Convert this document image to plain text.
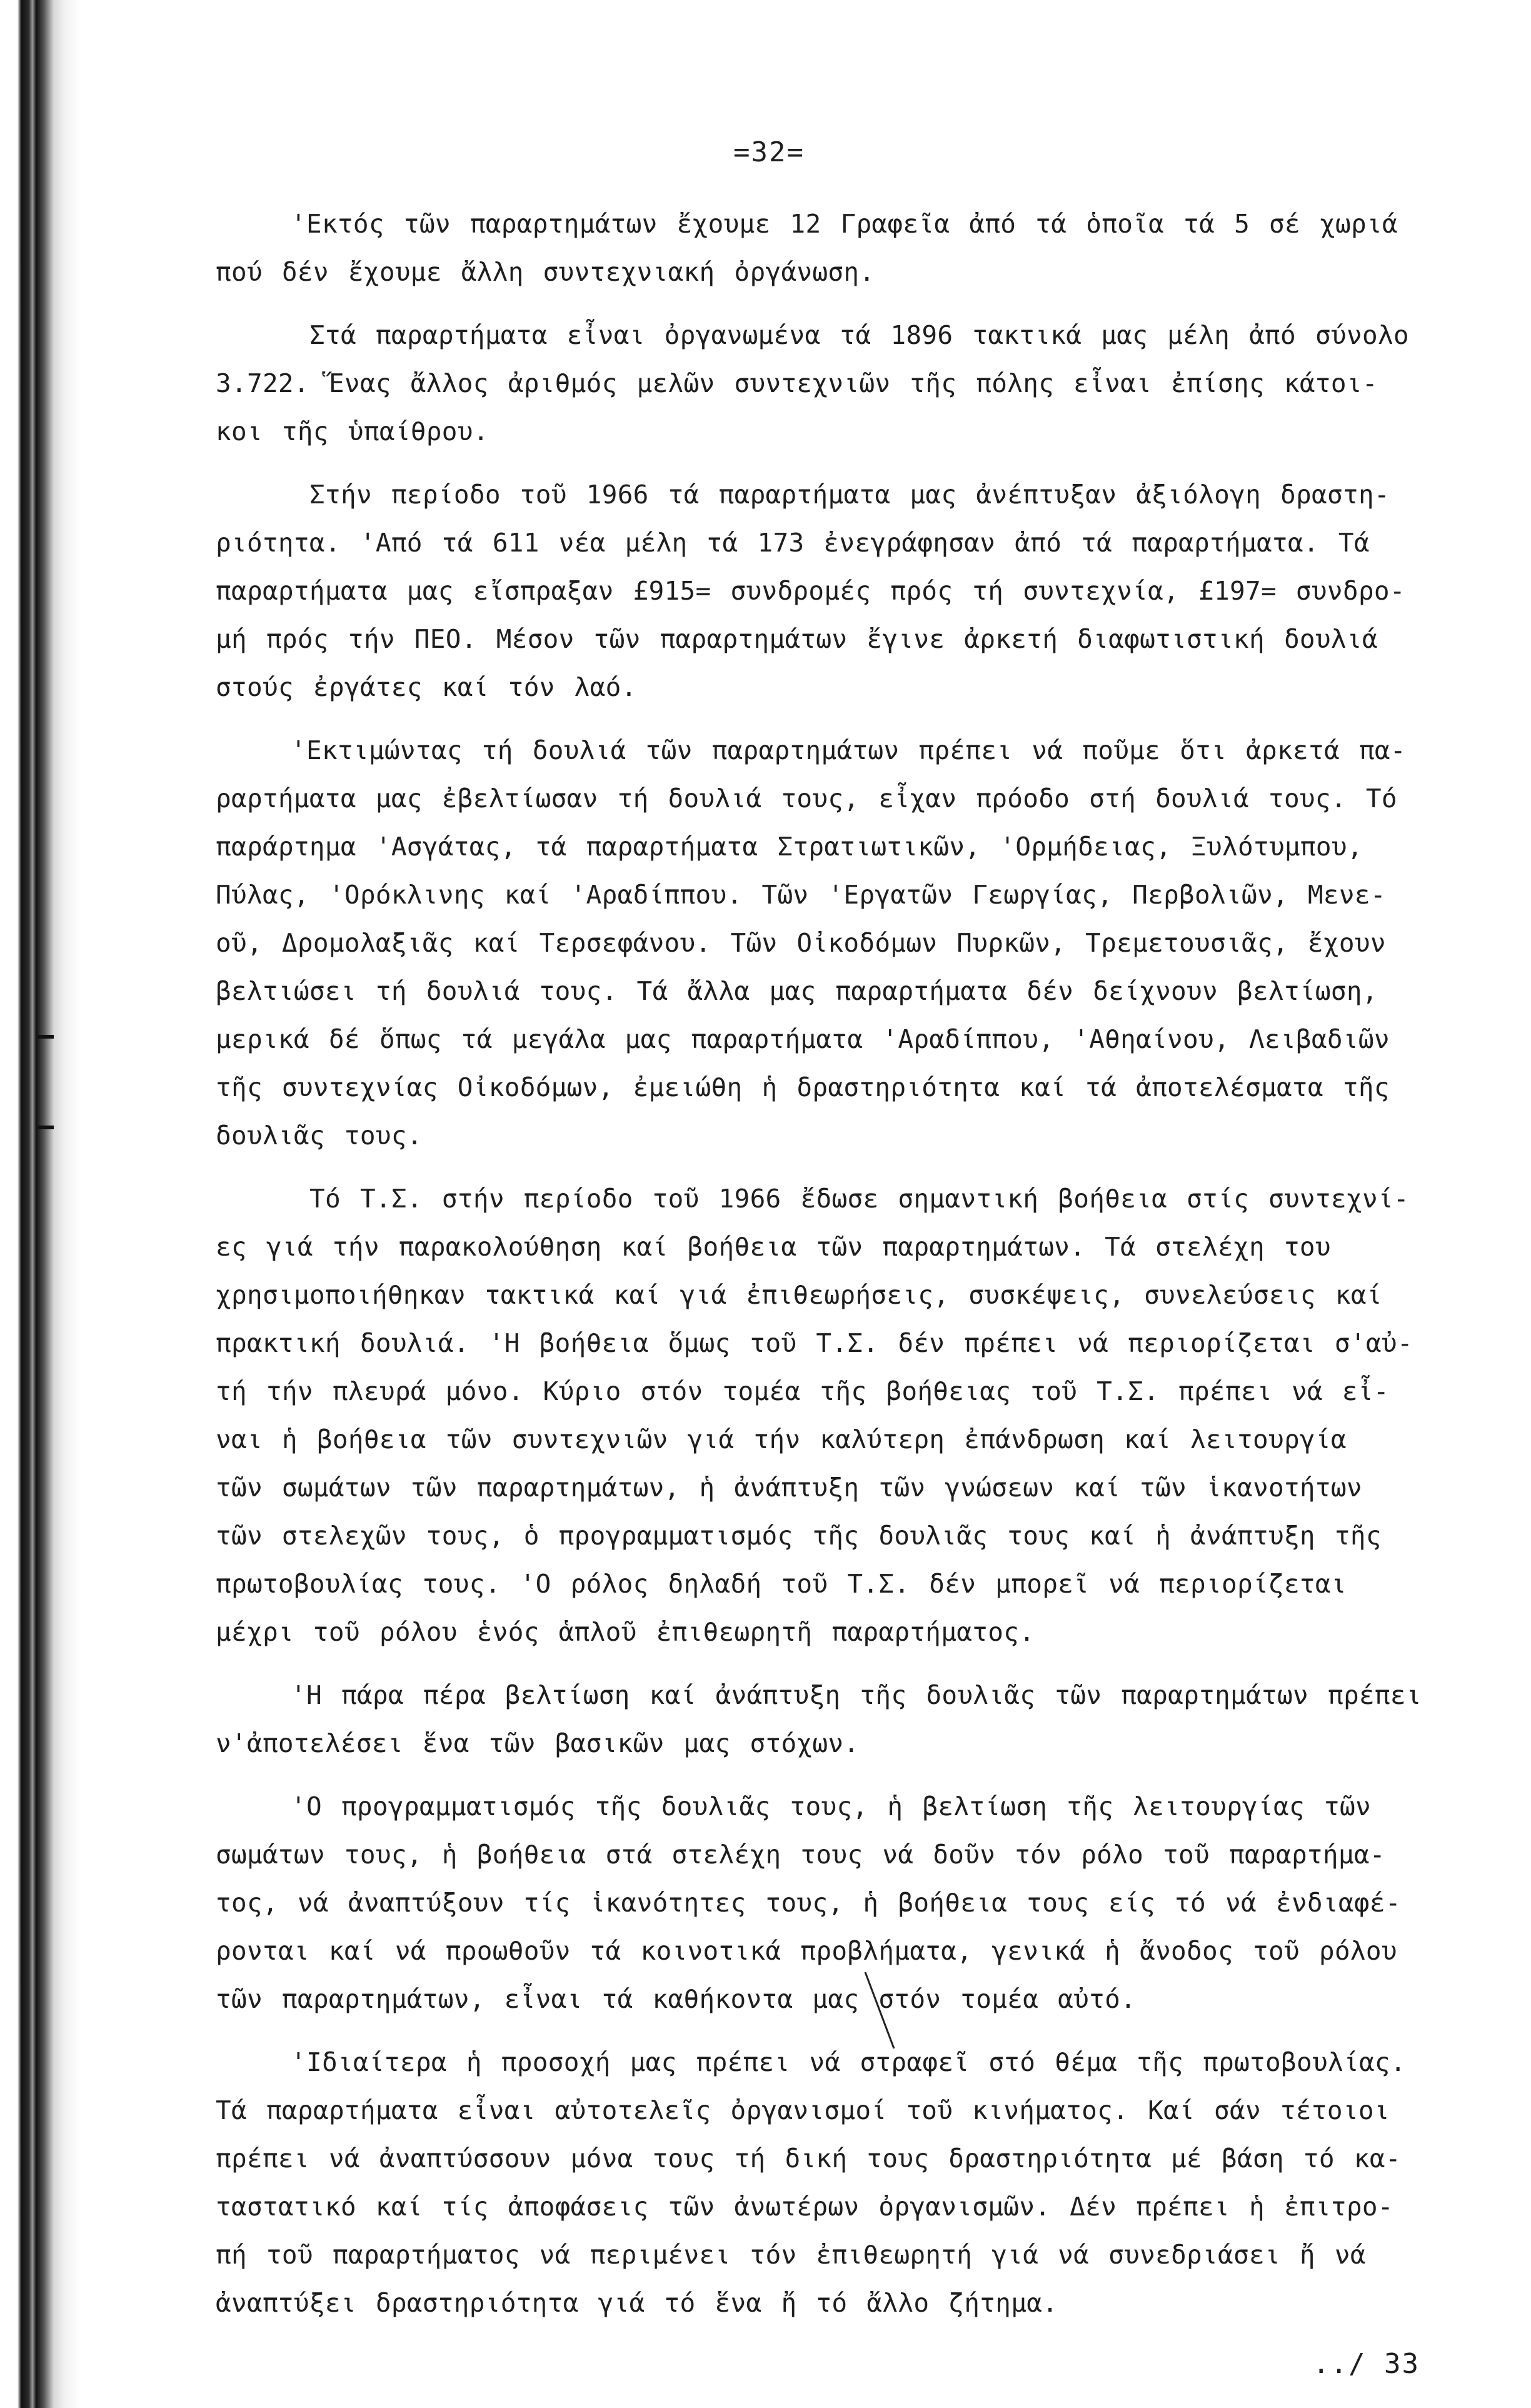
=32=
'Εκτός τῶν παραρτημάτων ἔχουμε 12 Γραφεῖα ἀπό τά ὁποῖα τά 5 σέ χωριά
πού δέν ἔχουμε ἄλλη συντεχνιακή ὀργάνωση.
Στά παραρτήματα εἶναι ὀργανωμένα τά 1896 τακτικά μας μέλη ἀπό σύνολο
3.722. Ἕνας ἄλλος ἀριθμός μελῶν συντεχνιῶν τῆς πόλης εἶναι ἐπίσης κάτοι-
κοι τῆς ὑπαίθρου.
Στήν περίοδο τοῦ 1966 τά παραρτήματα μας ἀνέπτυξαν ἀξιόλογη δραστη-
ριότητα. 'Από τά 611 νέα μέλη τά 173 ἐνεγράφησαν ἀπό τά παραρτήματα. Τά
παραρτήματα μας εἴσπραξαν £915= συνδρομές πρός τή συντεχνία, £197= συνδρο-
μή πρός τήν ΠΕΟ. Μέσον τῶν παραρτημάτων ἔγινε ἀρκετή διαφωτιστική δουλιά
στούς ἐργάτες καί τόν λαό.
'Εκτιμώντας τή δουλιά τῶν παραρτημάτων πρέπει νά ποῦμε ὅτι ἀρκετά πα-
ραρτήματα μας ἐβελτίωσαν τή δουλιά τους, εἶχαν πρόοδο στή δουλιά τους. Τό
παράρτημα 'Ασγάτας, τά παραρτήματα Στρατιωτικῶν, 'Ορμήδειας, Ξυλότυμπου,
Πύλας, 'Ορόκλινης καί 'Αραδίππου. Τῶν 'Εργατῶν Γεωργίας, Περβολιῶν, Μενε-
οῦ, Δρομολαξιᾶς καί Τερσεφάνου. Τῶν Οἰκοδόμων Πυρκῶν, Τρεμετουσιᾶς, ἔχουν
βελτιώσει τή δουλιά τους. Τά ἄλλα μας παραρτήματα δέν δείχνουν βελτίωση,
μερικά δέ ὅπως τά μεγάλα μας παραρτήματα 'Αραδίππου, 'Αθηαίνου, Λειβαδιῶν
τῆς συντεχνίας Οἰκοδόμων, ἐμειώθη ἡ δραστηριότητα καί τά ἀποτελέσματα τῆς
δουλιᾶς τους.
Τό Τ.Σ. στήν περίοδο τοῦ 1966 ἔδωσε σημαντική βοήθεια στίς συντεχνί-
ες γιά τήν παρακολούθηση καί βοήθεια τῶν παραρτημάτων. Τά στελέχη του
χρησιμοποιήθηκαν τακτικά καί γιά ἐπιθεωρήσεις, συσκέψεις, συνελεύσεις καί
πρακτική δουλιά. 'Η βοήθεια ὅμως τοῦ Τ.Σ. δέν πρέπει νά περιορίζεται σ'αὐ-
τή τήν πλευρά μόνο. Κύριο στόν τομέα τῆς βοήθειας τοῦ Τ.Σ. πρέπει νά εἶ-
ναι ἡ βοήθεια τῶν συντεχνιῶν γιά τήν καλύτερη ἐπάνδρωση καί λειτουργία
τῶν σωμάτων τῶν παραρτημάτων, ἡ ἀνάπτυξη τῶν γνώσεων καί τῶν ἱκανοτήτων
τῶν στελεχῶν τους, ὁ προγραμματισμός τῆς δουλιᾶς τους καί ἡ ἀνάπτυξη τῆς
πρωτοβουλίας τους. 'Ο ρόλος δηλαδή τοῦ Τ.Σ. δέν μπορεῖ νά περιορίζεται
μέχρι τοῦ ρόλου ἑνός ἁπλοῦ ἐπιθεωρητῆ παραρτήματος.
'Η πάρα πέρα βελτίωση καί ἀνάπτυξη τῆς δουλιᾶς τῶν παραρτημάτων πρέπει
ν'ἀποτελέσει ἕνα τῶν βασικῶν μας στόχων.
'Ο προγραμματισμός τῆς δουλιᾶς τους, ἡ βελτίωση τῆς λειτουργίας τῶν
σωμάτων τους, ἡ βοήθεια στά στελέχη τους νά δοῦν τόν ρόλο τοῦ παραρτήμα-
τος, νά ἀναπτύξουν τίς ἱκανότητες τους, ἡ βοήθεια τους είς τό νά ἐνδιαφέ-
ρονται καί νά προωθοῦν τά κοινοτικά προβλήματα, γενικά ἡ ἄνοδος τοῦ ρόλου
τῶν παραρτημάτων, εἶναι τά καθήκοντα μας στόν τομέα αὐτό.
'Ιδιαίτερα ἡ προσοχή μας πρέπει νά στραφεῖ στό θέμα τῆς πρωτοβουλίας.
Τά παραρτήματα εἶναι αὐτοτελεῖς ὀργανισμοί τοῦ κινήματος. Καί σάν τέτοιοι
πρέπει νά ἀναπτύσσουν μόνα τους τή δική τους δραστηριότητα μέ βάση τό κα-
ταστατικό καί τίς ἀποφάσεις τῶν ἀνωτέρων ὀργανισμῶν. Δέν πρέπει ἡ ἐπιτρο-
πή τοῦ παραρτήματος νά περιμένει τόν ἐπιθεωρητή γιά νά συνεδριάσει ἤ νά
ἀναπτύξει δραστηριότητα γιά τό ἕνα ἤ τό ἄλλο ζήτημα.
../ 33
